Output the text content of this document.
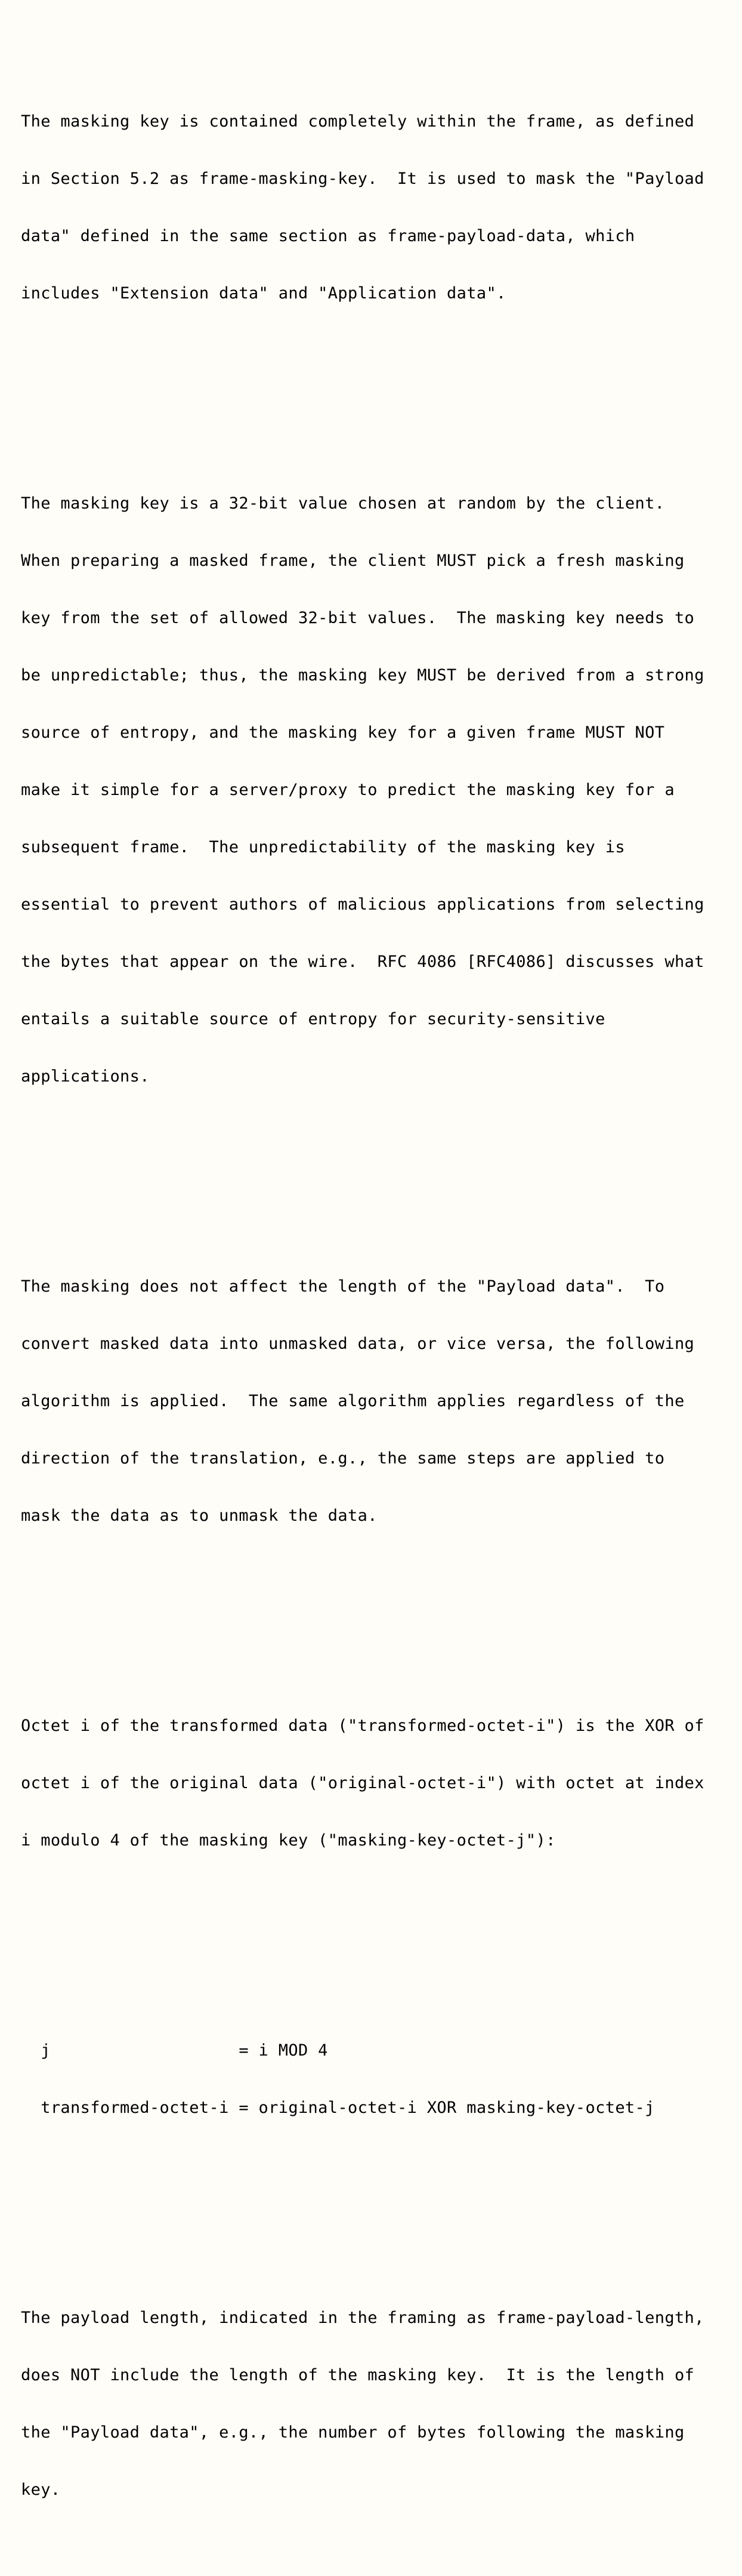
The masking key is contained completely within the frame, as defined

in Section 5.2 as frame-masking-key.  It is used to mask the "Payload

data" defined in the same section as frame-payload-data, which

includes "Extension data" and "Application data".

The masking key is a 32-bit value chosen at random by the client.

When preparing a masked frame, the client MUST pick a fresh masking

key from the set of allowed 32-bit values.  The masking key needs to

be unpredictable; thus, the masking key MUST be derived from a strong

source of entropy, and the masking key for a given frame MUST NOT

make it simple for a server/proxy to predict the masking key for a

subsequent frame.  The unpredictability of the masking key is

essential to prevent authors of malicious applications from selecting

the bytes that appear on the wire.  RFC 4086 [RFC4086] discusses what

entails a suitable source of entropy for security-sensitive

applications.

The masking does not affect the length of the "Payload data".  To

convert masked data into unmasked data, or vice versa, the following

algorithm is applied.  The same algorithm applies regardless of the

direction of the translation, e.g., the same steps are applied to

mask the data as to unmask the data.

Octet i of the transformed data ("transformed-octet-i") is the XOR of

octet i of the original data ("original-octet-i") with octet at index

i modulo 4 of the masking key ("masking-key-octet-j"):

j                   = i MOD 4

transformed-octet-i = original-octet-i XOR masking-key-octet-j

The payload length, indicated in the framing as frame-payload-length,

does NOT include the length of the masking key.  It is the length of

the "Payload data", e.g., the number of bytes following the masking

key.
